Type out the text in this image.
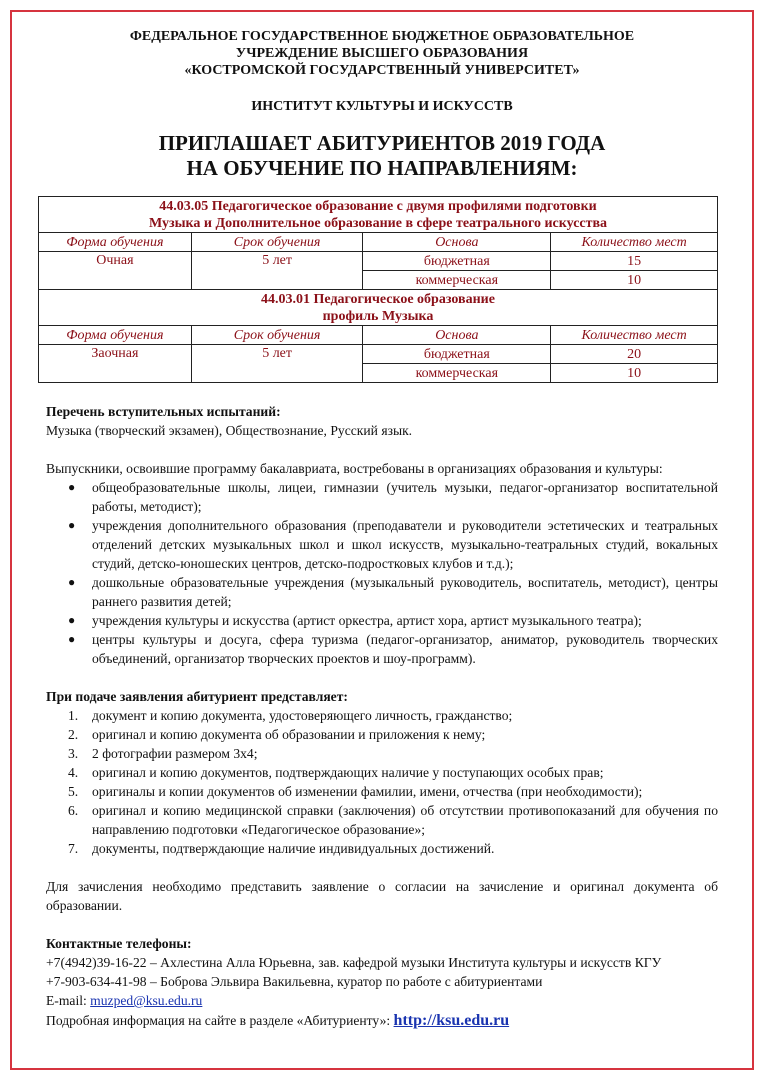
ФЕДЕРАЛЬНОЕ ГОСУДАРСТВЕННОЕ БЮДЖЕТНОЕ ОБРАЗОВАТЕЛЬНОЕ
УЧРЕЖДЕНИЕ ВЫСШЕГО ОБРАЗОВАНИЯ
«КОСТРОМСКОЙ ГОСУДАРСТВЕННЫЙ УНИВЕРСИТЕТ»
ИНСТИТУТ КУЛЬТУРЫ И ИСКУССТВ
ПРИГЛАШАЕТ АБИТУРИЕНТОВ 2019 ГОДА
НА ОБУЧЕНИЕ ПО НАПРАВЛЕНИЯМ:
44.03.05 Педагогическое образование с двумя профилями подготовки
Музыка и Дополнительное образование в сфере театрального искусства			

Форма обучения	Срок обучения	Основа	Количество мест
Очная	5 лет	бюджетная	15
		коммерческая	10

44.03.01 Педагогическое образование
профиль Музыка			

Форма обучения	Срок обучения	Основа	Количество мест
Заочная	5 лет	бюджетная	20
		коммерческая	10
Перечень вступительных испытаний:
Музыка (творческий экзамен), Обществознание, Русский язык.
Выпускники, освоившие программу бакалавриата, востребованы в организациях образования и культуры:
● общеобразовательные школы, лицеи, гимназии (учитель музыки, педагог-организатор воспитательной работы, методист);
● учреждения дополнительного образования (преподаватели и руководители эстетических и театральных отделений детских музыкальных школ и школ искусств, музыкально-театральных студий, вокальных студий, детско-юношеских центров, детско-подростковых клубов и т.д.);
● дошкольные образовательные учреждения (музыкальный руководитель, воспитатель, методист), центры раннего развития детей;
● учреждения культуры и искусства (артист оркестра, артист хора, артист музыкального театра);
● центры культуры и досуга, сфера туризма (педагог-организатор, аниматор, руководитель творческих объединений, организатор творческих проектов и шоу-программ).
При подаче заявления абитуриент представляет:
1. документ и копию документа, удостоверяющего личность, гражданство;
2. оригинал и копию документа об образовании и приложения к нему;
3. 2 фотографии размером 3х4;
4. оригинал и копию документов, подтверждающих наличие у поступающих особых прав;
5. оригиналы и копии документов об изменении фамилии, имени, отчества (при необходимости);
6. оригинал и копию медицинской справки (заключения) об отсутствии противопоказаний для обучения по направлению подготовки «Педагогическое образование»;
7. документы, подтверждающие наличие индивидуальных достижений.
Для зачисления необходимо представить заявление о согласии на зачисление и оригинал документа об образовании.
Контактные телефоны:
+7(4942)39-16-22 – Ахлестина Алла Юрьевна, зав. кафедрой музыки Института культуры и искусств КГУ
+7-903-634-41-98 – Боброва Эльвира Вакильевна, куратор по работе с абитуриентами
E-mail: muzped@ksu.edu.ru
Подробная информация на сайте в разделе «Абитуриенту»: http://ksu.edu.ru
